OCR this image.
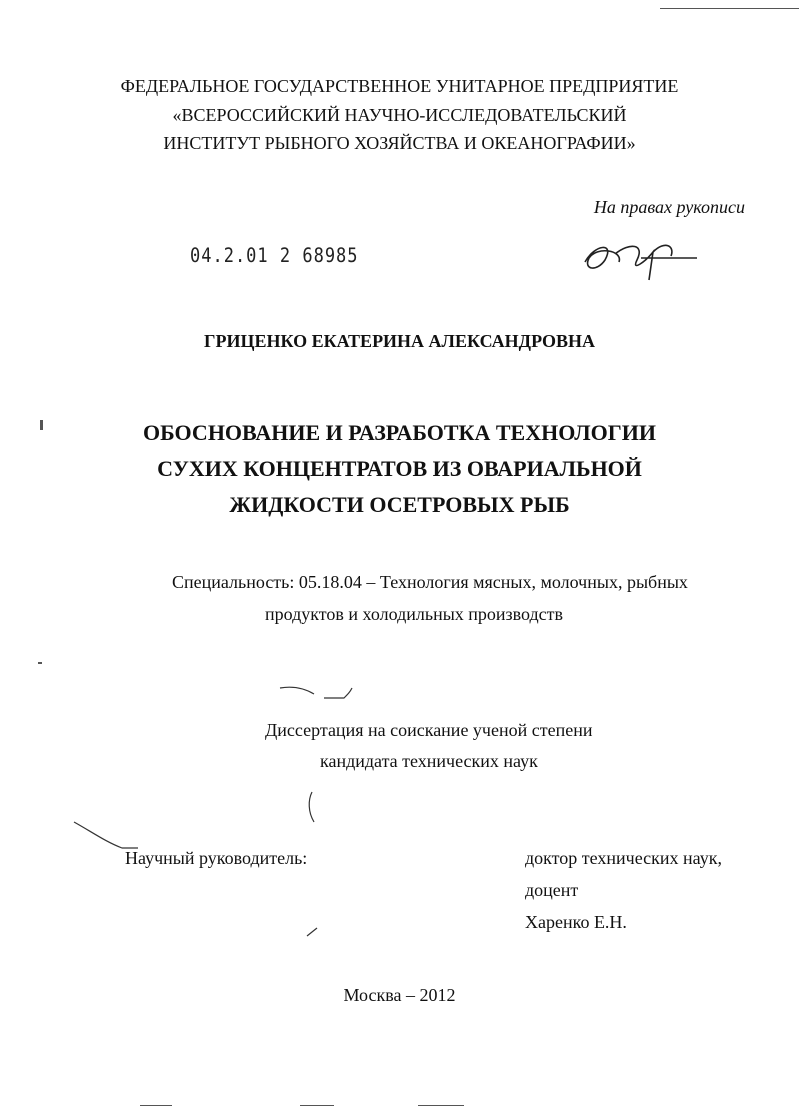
ФЕДЕРАЛЬНОЕ ГОСУДАРСТВЕННОЕ УНИТАРНОЕ ПРЕДПРИЯТИЕ
«ВСЕРОССИЙСКИЙ НАУЧНО-ИССЛЕДОВАТЕЛЬСКИЙ
ИНСТИТУТ РЫБНОГО ХОЗЯЙСТВА И ОКЕАНОГРАФИИ»
На правах рукописи
04.2.01 2 68985
ГРИЦЕНКО ЕКАТЕРИНА АЛЕКСАНДРОВНА
ОБОСНОВАНИЕ И РАЗРАБОТКА ТЕХНОЛОГИИ
СУХИХ КОНЦЕНТРАТОВ ИЗ ОВАРИАЛЬНОЙ
ЖИДКОСТИ ОСЕТРОВЫХ РЫБ
Специальность: 05.18.04 – Технология мясных, молочных, рыбных
продуктов и холодильных производств
Диссертация на соискание ученой степени
кандидата технических наук
Научный руководитель:	доктор технических наук,
доцент
Харенко Е.Н.
Москва – 2012
